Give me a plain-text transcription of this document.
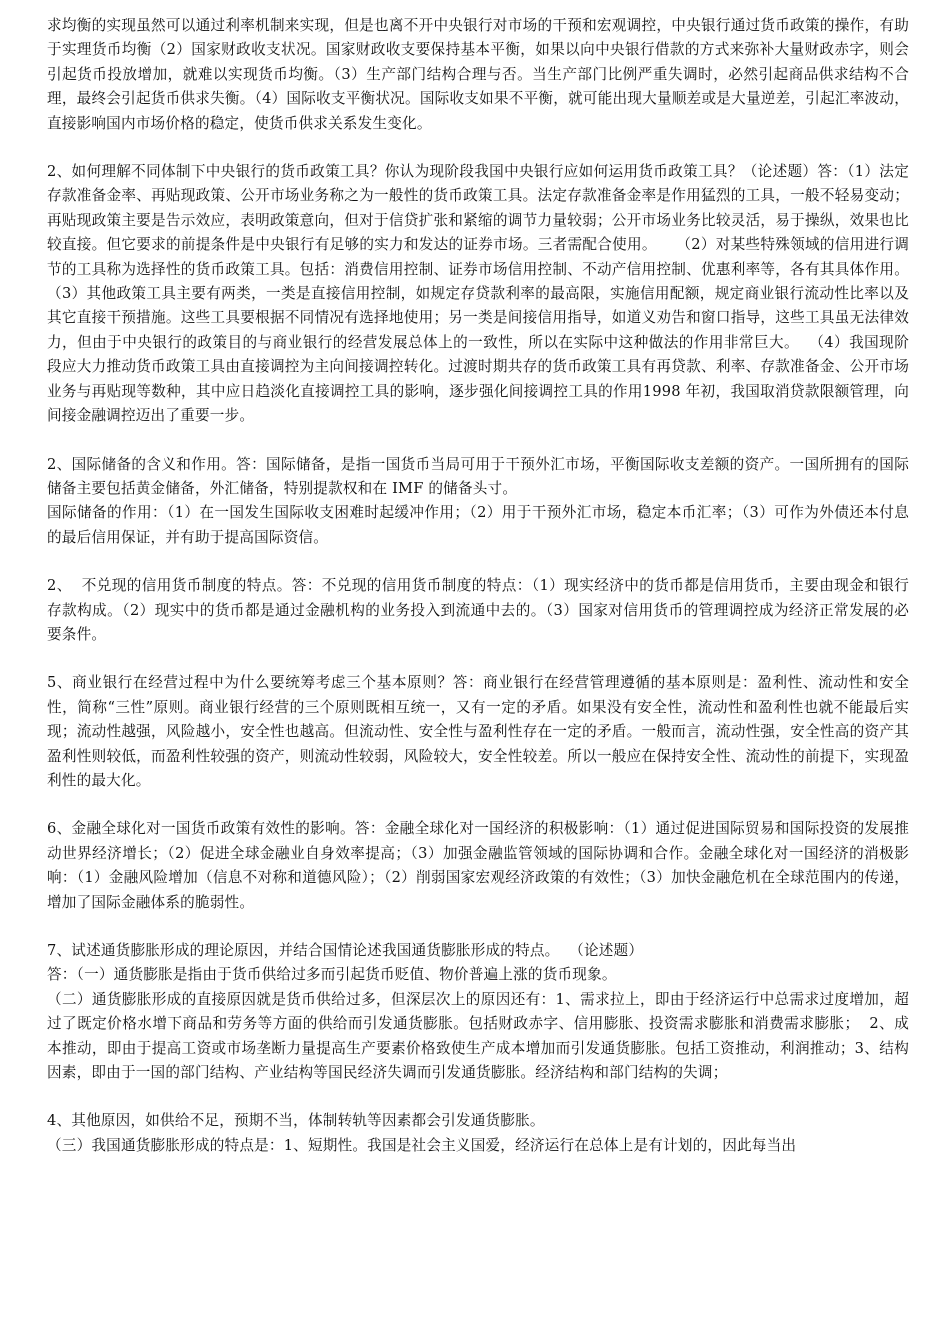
求均衡的实现虽然可以通过利率机制来实现，但是也离不开中央银行对市场的干预和宏观调控，中央银行通过货币政策的操作，有助于实理货币均衡（2）国家财政收支状况。国家财政收支要保持基本平衡，如果以向中央银行借款的方式来弥补大量财政赤字，则会引起货币投放增加，就难以实现货币均衡。（3）生产部门结构合理与否。当生产部门比例严重失调时，必然引起商品供求结构不合理，最终会引起货币供求失衡。（4）国际收支平衡状况。国际收支如果不平衡，就可能出现大量顺差或是大量逆差，引起汇率波动，直接影响国内市场价格的稳定，使货币供求关系发生变化。
2、如何理解不同体制下中央银行的货币政策工具？你认为现阶段我国中央银行应如何运用货币政策工具？（论述题）答：（1）法定存款准备金率、再贴现政策、公开市场业务称之为一般性的货币政策工具。法定存款准备金率是作用猛烈的工具，一般不轻易变动；再贴现政策主要是告示效应，表明政策意向，但对于信贷扩张和紧缩的调节力量较弱；公开市场业务比较灵活，易于操纵，效果也比较直接。但它要求的前提条件是中央银行有足够的实力和发达的证券市场。三者需配合使用。    （2）对某些特殊领域的信用进行调节的工具称为选择性的货币政策工具。包括：消费信用控制、证券市场信用控制、不动产信用控制、优惠利率等，各有其具体作用。  （3）其他政策工具主要有两类，一类是直接信用控制，如规定存贷款利率的最高限，实施信用配额，规定商业银行流动性比率以及其它直接干预措施。这些工具要根据不同情况有选择地使用；另一类是间接信用指导，如道义劝告和窗口指导，这些工具虽无法律效力，但由于中央银行的政策目的与商业银行的经营发展总体上的一致性，所以在实际中这种做法的作用非常巨大。  （4）我国现阶段应大力推动货币政策工具由直接调控为主向间接调控转化。过渡时期共存的货币政策工具有再贷款、利率、存款准备金、公开市场业务与再贴现等数种，其中应日趋淡化直接调控工具的影响，逐步强化间接调控工具的作用1998 年初，我国取消贷款限额管理，向间接金融调控迈出了重要一步。
2、国际储备的含义和作用。答：国际储备，是指一国货币当局可用于干预外汇市场，平衡国际收支差额的资产。一国所拥有的国际储备主要包括黄金储备，外汇储备，特别提款权和在 IMF 的储备头寸。
国际储备的作用：（1）在一国发生国际收支困难时起缓冲作用；（2）用于干预外汇市场，稳定本币汇率；（3）可作为外债还本付息的最后信用保证，并有助于提高国际资信。
2、  不兑现的信用货币制度的特点。答：不兑现的信用货币制度的特点：（1）现实经济中的货币都是信用货币，主要由现金和银行存款构成。（2）现实中的货币都是通过金融机构的业务投入到流通中去的。（3）国家对信用货币的管理调控成为经济正常发展的必要条件。
5、商业银行在经营过程中为什么要统筹考虑三个基本原则？答：商业银行在经营管理遵循的基本原则是：盈利性、流动性和安全性，简称“三性”原则。商业银行经营的三个原则既相互统一，又有一定的矛盾。如果没有安全性，流动性和盈利性也就不能最后实现；流动性越强，风险越小，安全性也越高。但流动性、安全性与盈利性存在一定的矛盾。一般而言，流动性强，安全性高的资产其盈利性则较低，而盈利性较强的资产，则流动性较弱，风险较大，安全性较差。所以一般应在保持安全性、流动性的前提下，实现盈利性的最大化。
6、金融全球化对一国货币政策有效性的影响。答：金融全球化对一国经济的积极影响：（1）通过促进国际贸易和国际投资的发展推动世界经济增长；（2）促进全球金融业自身效率提高；（3）加强金融监管领域的国际协调和合作。金融全球化对一国经济的消极影响：（1）金融风险增加（信息不对称和道德风险）；（2）削弱国家宏观经济政策的有效性；（3）加快金融危机在全球范围内的传递，增加了国际金融体系的脆弱性。
7、试述通货膨胀形成的理论原因，并结合国情论述我国通货膨胀形成的特点。  （论述题）
答：（一）通货膨胀是指由于货币供给过多而引起货币贬值、物价普遍上涨的货币现象。
（二）通货膨胀形成的直接原因就是货币供给过多，但深层次上的原因还有：1、需求拉上，即由于经济运行中总需求过度增加，超过了既定价格水增下商品和劳务等方面的供给而引发通货膨胀。包括财政赤字、信用膨胀、投资需求膨胀和消费需求膨胀；  2、成本推动，即由于提高工资或市场垄断力量提高生产要素价格致使生产成本增加而引发通货膨胀。包括工资推动，利润推动；3、结构因素，即由于一国的部门结构、产业结构等国民经济失调而引发通货膨胀。经济结构和部门结构的失调；
4、其他原因，如供给不足，预期不当，体制转轨等因素都会引发通货膨胀。
（三）我国通货膨胀形成的特点是：1、短期性。我国是社会主义国爱，经济运行在总体上是有计划的，因此每当出
